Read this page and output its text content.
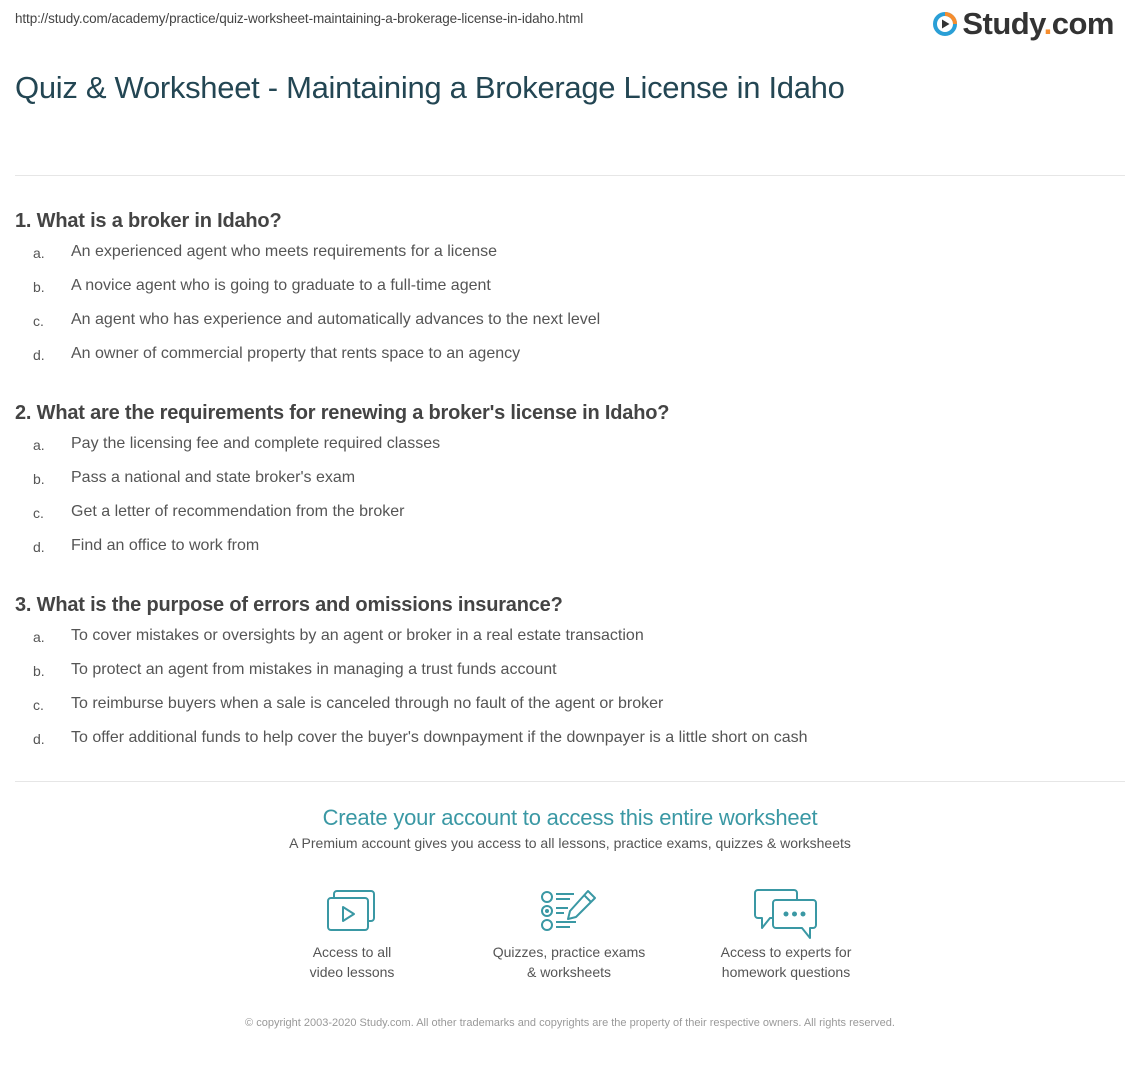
http://study.com/academy/practice/quiz-worksheet-maintaining-a-brokerage-license-in-idaho.html	Study.com
Quiz & Worksheet - Maintaining a Brokerage License in Idaho
1. What is a broker in Idaho?
a.	An experienced agent who meets requirements for a license
b.	A novice agent who is going to graduate to a full-time agent
c.	An agent who has experience and automatically advances to the next level
d.	An owner of commercial property that rents space to an agency
2. What are the requirements for renewing a broker's license in Idaho?
a.	Pay the licensing fee and complete required classes
b.	Pass a national and state broker's exam
c.	Get a letter of recommendation from the broker
d.	Find an office to work from
3. What is the purpose of errors and omissions insurance?
a.	To cover mistakes or oversights by an agent or broker in a real estate transaction
b.	To protect an agent from mistakes in managing a trust funds account
c.	To reimburse buyers when a sale is canceled through no fault of the agent or broker
d.	To offer additional funds to help cover the buyer's downpayment if the downpayer is a little short on cash
Create your account to access this entire worksheet
A Premium account gives you access to all lessons, practice exams, quizzes & worksheets
Access to all
video lessons
Quizzes, practice exams
& worksheets
Access to experts for
homework questions
© copyright 2003-2020 Study.com. All other trademarks and copyrights are the property of their respective owners. All rights reserved.
